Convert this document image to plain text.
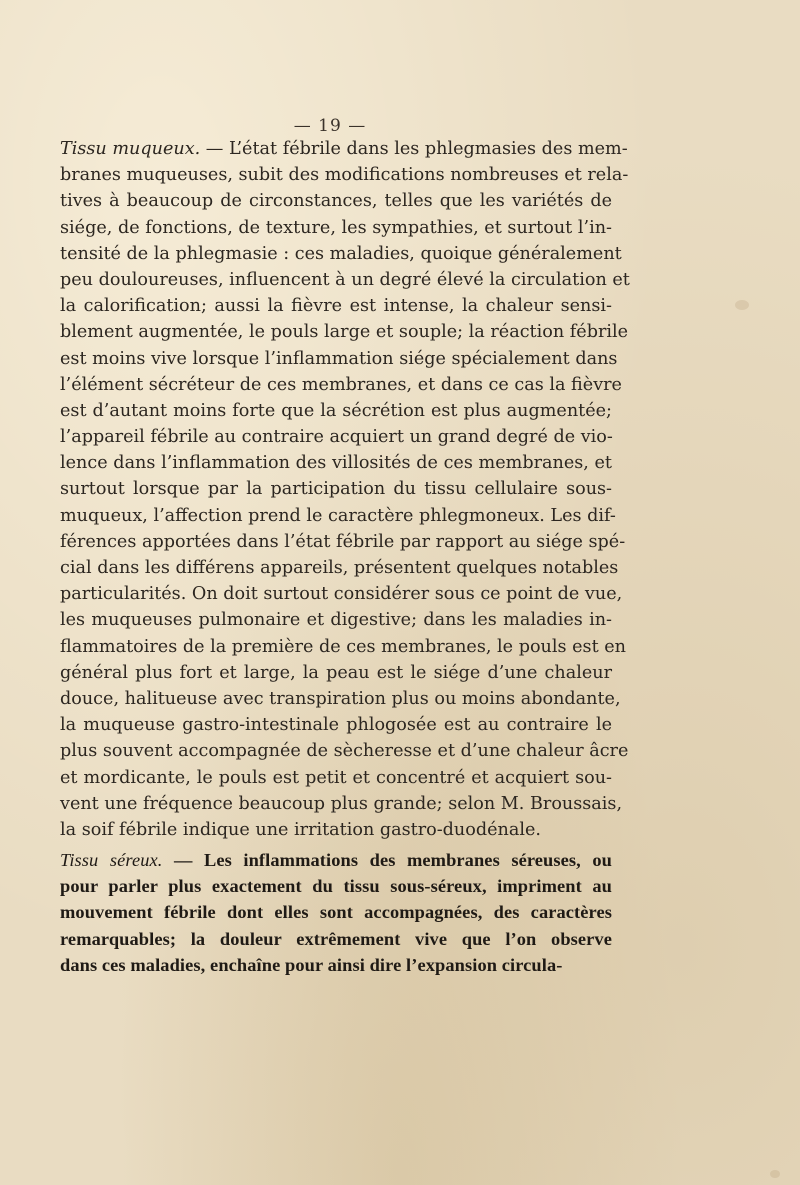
— 19 —
Tissu muqueux. — L’état fébrile dans les phlegmasies des mem-
branes muqueuses, subit des modifications nombreuses et rela-
tives à beaucoup de circonstances, telles que les variétés de
siége, de fonctions, de texture, les sympathies, et surtout l’in-
tensité de la phlegmasie : ces maladies, quoique généralement
peu douloureuses, influencent à un degré élevé la circulation et
la calorification; aussi la fièvre est intense, la chaleur sensi-
blement augmentée, le pouls large et souple; la réaction fébrile
est moins vive lorsque l’inflammation siége spécialement dans
l’élément sécréteur de ces membranes, et dans ce cas la fièvre
est d’autant moins forte que la sécrétion est plus augmentée;
l’appareil fébrile au contraire acquiert un grand degré de vio-
lence dans l’inflammation des villosités de ces membranes, et
surtout lorsque par la participation du tissu cellulaire sous-
muqueux, l’affection prend le caractère phlegmoneux. Les dif-
férences apportées dans l’état fébrile par rapport au siége spé-
cial dans les différens appareils, présentent quelques notables
particularités. On doit surtout considérer sous ce point de vue,
les muqueuses pulmonaire et digestive; dans les maladies in-
flammatoires de la première de ces membranes, le pouls est en
général plus fort et large, la peau est le siége d’une chaleur
douce, halitueuse avec transpiration plus ou moins abondante,
la muqueuse gastro-intestinale phlogosée est au contraire le
plus souvent accompagnée de sècheresse et d’une chaleur âcre
et mordicante, le pouls est petit et concentré et acquiert sou-
vent une fréquence beaucoup plus grande; selon M. Broussais,
la soif fébrile indique une irritation gastro-duodénale.
Tissu séreux. — Les inflammations des membranes séreuses, ou
pour parler plus exactement du tissu sous-séreux, impriment au
mouvement fébrile dont elles sont accompagnées, des caractères
remarquables; la douleur extrêmement vive que l’on observe
dans ces maladies, enchaîne pour ainsi dire l’expansion circula-
